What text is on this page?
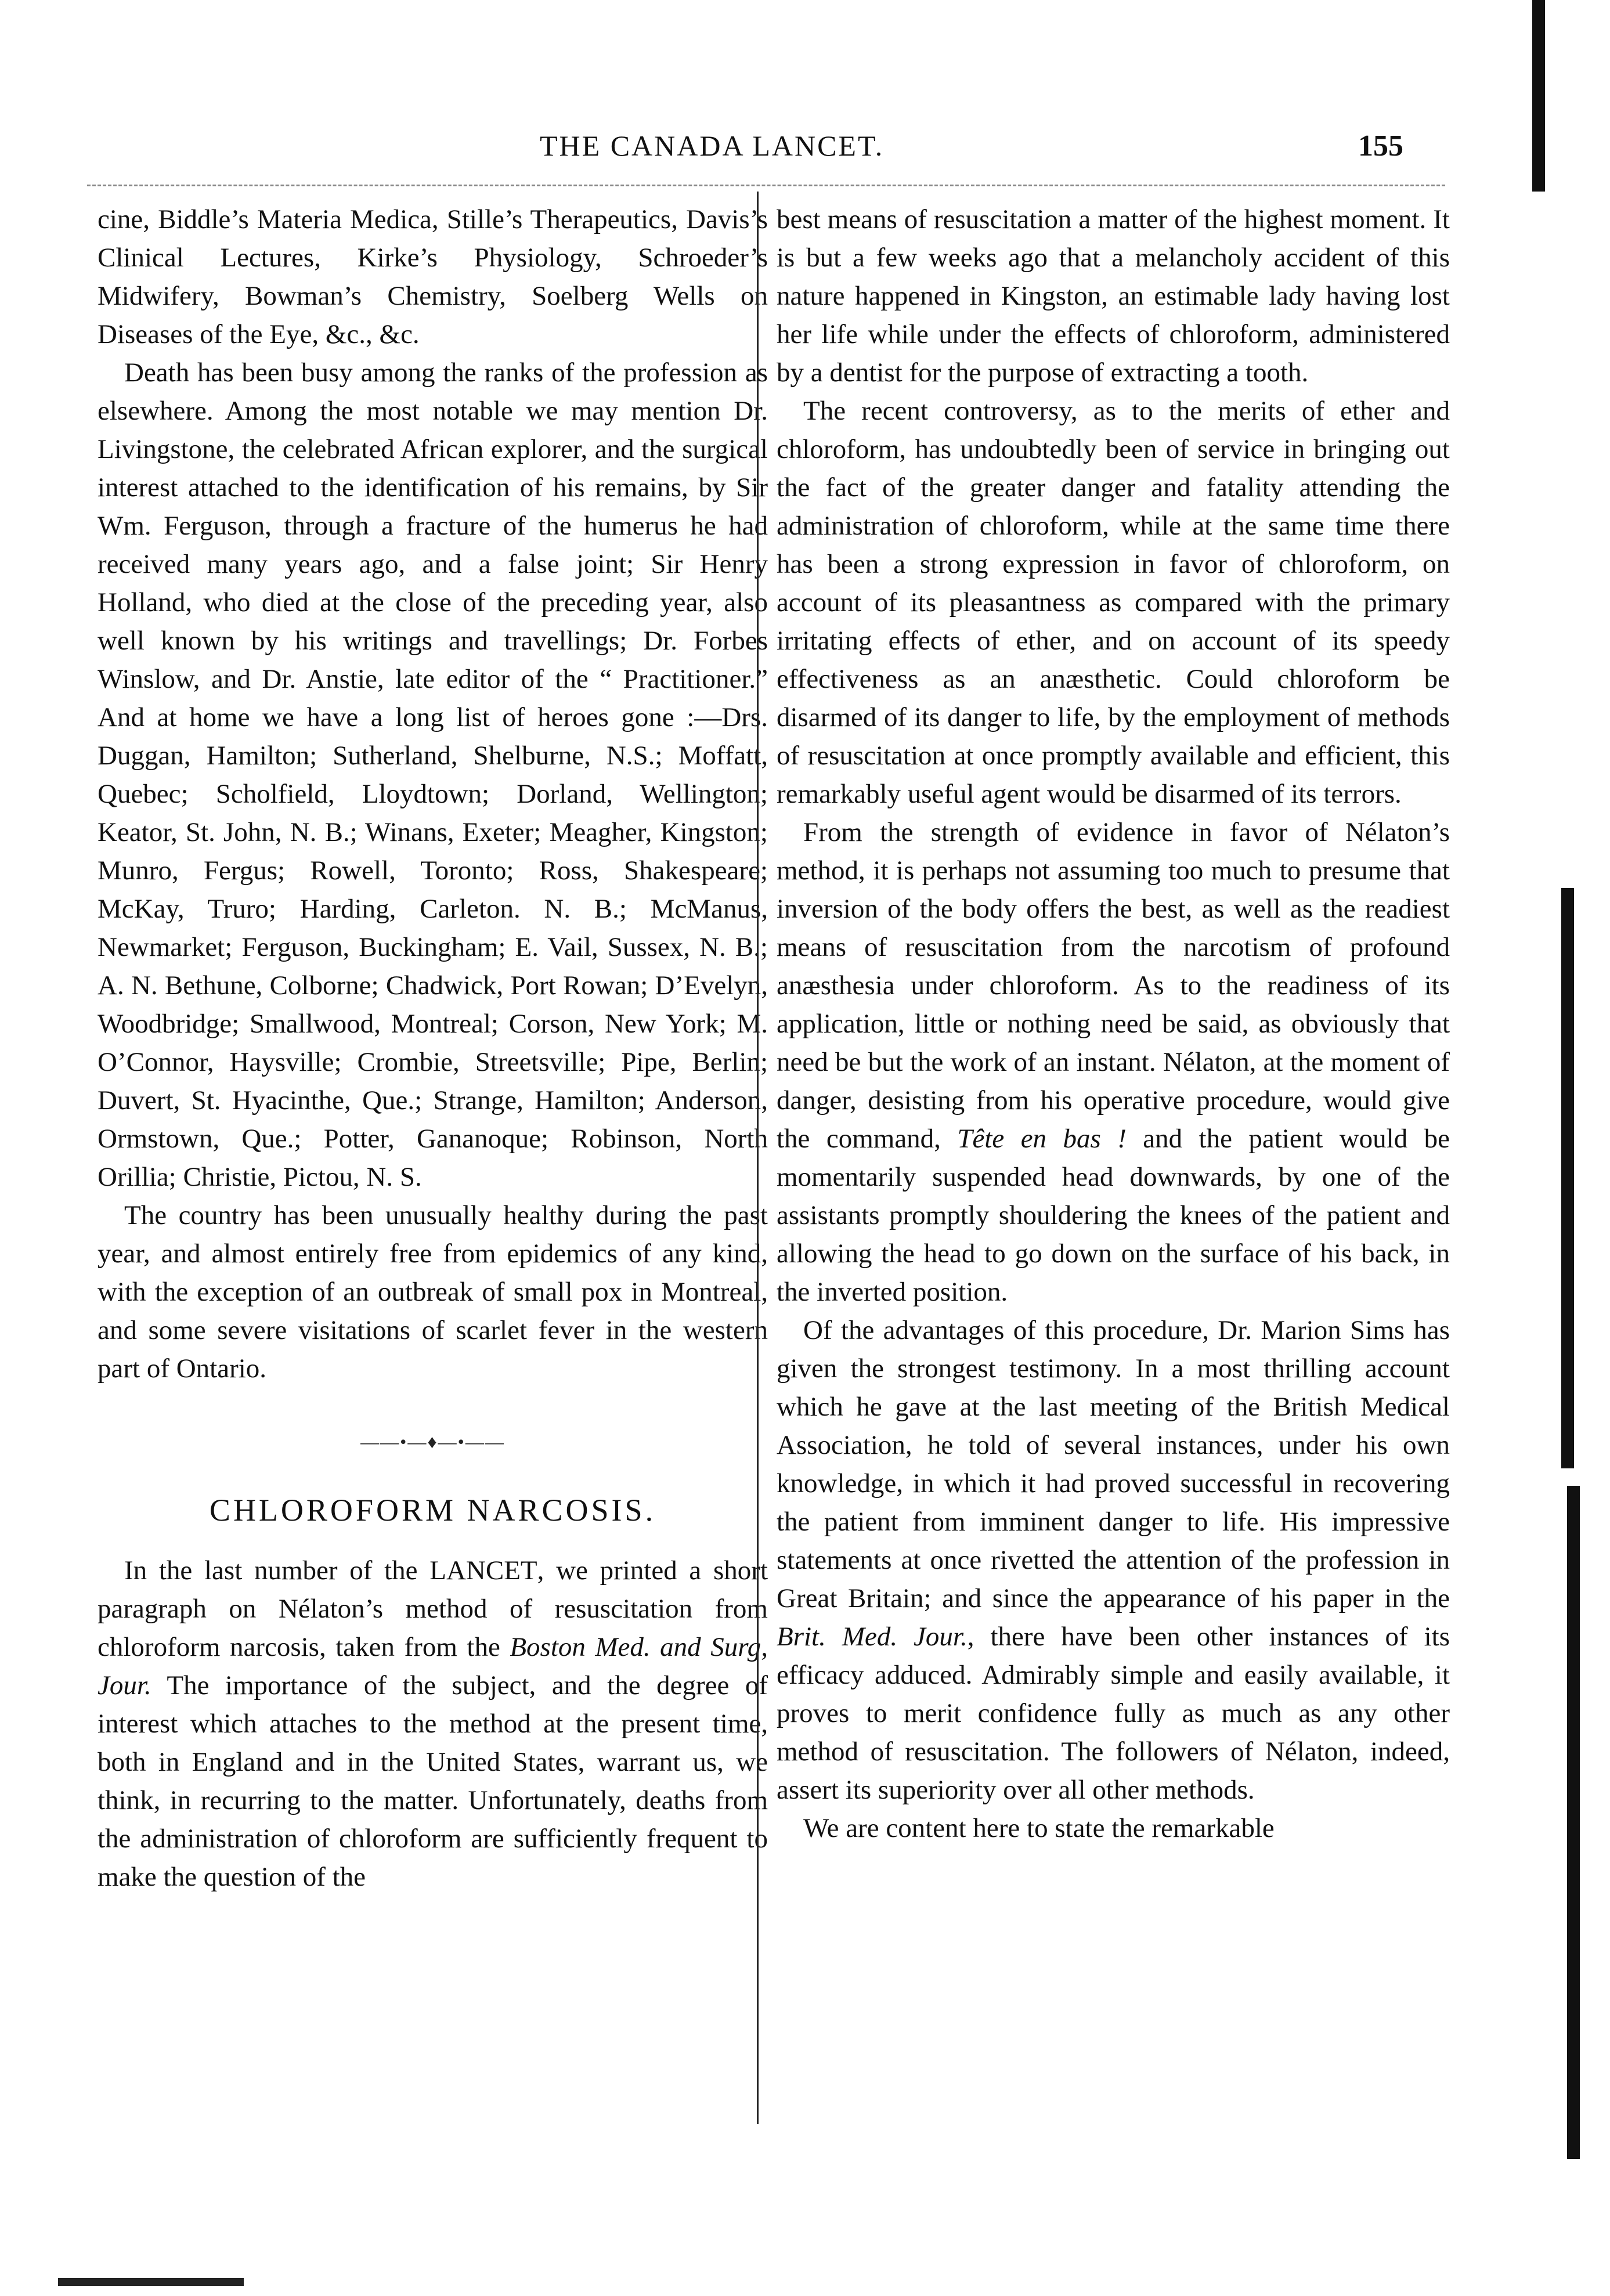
THE CANADA LANCET.	155

cine, Biddle’s Materia Medica, Stille’s Therapeutics, Davis’s Clinical Lectures, Kirke’s Physiology, Schroeder’s Midwifery, Bowman’s Chemistry, Soelberg Wells on Diseases of the Eye, &c., &c.

Death has been busy among the ranks of the profession as elsewhere. Among the most notable we may mention Dr. Livingstone, the celebrated African explorer, and the surgical interest attached to the identification of his remains, by Sir Wm. Ferguson, through a fracture of the humerus he had received many years ago, and a false joint; Sir Henry Holland, who died at the close of the preceding year, also well known by his writings and travellings; Dr. Forbes Winslow, and Dr. Anstie, late editor of the “ Practitioner.” And at home we have a long list of heroes gone :—Drs. Duggan, Hamilton; Sutherland, Shelburne, N.S.; Moffatt, Quebec; Scholfield, Lloydtown; Dorland, Wellington; Keator, St. John, N. B.; Winans, Exeter; Meagher, Kingston; Munro, Fergus; Rowell, Toronto; Ross, Shakespeare; McKay, Truro; Harding, Carleton. N. B.; McManus, Newmarket; Ferguson, Buckingham; E. Vail, Sussex, N. B.; A. N. Bethune, Colborne; Chadwick, Port Rowan; D’Evelyn, Woodbridge; Smallwood, Montreal; Corson, New York; M. O’Connor, Haysville; Crombie, Streetsville; Pipe, Berlin; Duvert, St. Hyacinthe, Que.; Strange, Hamilton; Anderson, Ormstown, Que.; Potter, Gananoque; Robinson, North Orillia; Christie, Pictou, N. S.

The country has been unusually healthy during the past year, and almost entirely free from epidemics of any kind, with the exception of an outbreak of small pox in Montreal, and some severe visitations of scarlet fever in the western part of Ontario.

——•—♦—•——
CHLOROFORM NARCOSIS.

In the last number of the LANCET, we printed a short paragraph on Nélaton’s method of resuscitation from chloroform narcosis, taken from the Boston Med. and Surg, Jour. The importance of the subject, and the degree of interest which attaches to the method at the present time, both in England and in the United States, warrant us, we think, in recurring to the matter. Unfortunately, deaths from the administration of chloroform are sufficiently frequent to make the question of the

best means of resuscitation a matter of the highest moment. It is but a few weeks ago that a melancholy accident of this nature happened in Kingston, an estimable lady having lost her life while under the effects of chloroform, administered by a dentist for the purpose of extracting a tooth.

The recent controversy, as to the merits of ether and chloroform, has undoubtedly been of service in bringing out the fact of the greater danger and fatality attending the administration of chloroform, while at the same time there has been a strong expression in favor of chloroform, on account of its pleasantness as compared with the primary irritating effects of ether, and on account of its speedy effectiveness as an anæsthetic. Could chloroform be disarmed of its danger to life, by the employment of methods of resuscitation at once promptly available and efficient, this remarkably useful agent would be disarmed of its terrors.

From the strength of evidence in favor of Nélaton’s method, it is perhaps not assuming too much to presume that inversion of the body offers the best, as well as the readiest means of resuscitation from the narcotism of profound anæsthesia under chloroform. As to the readiness of its application, little or nothing need be said, as obviously that need be but the work of an instant. Nélaton, at the moment of danger, desisting from his operative procedure, would give the command, Tête en bas ! and the patient would be momentarily suspended head downwards, by one of the assistants promptly shouldering the knees of the patient and allowing the head to go down on the surface of his back, in the inverted position.

Of the advantages of this procedure, Dr. Marion Sims has given the strongest testimony. In a most thrilling account which he gave at the last meeting of the British Medical Association, he told of several instances, under his own knowledge, in which it had proved successful in recovering the patient from imminent danger to life. His impressive statements at once rivetted the attention of the profession in Great Britain; and since the appearance of his paper in the Brit. Med. Jour., there have been other instances of its efficacy adduced. Admirably simple and easily available, it proves to merit confidence fully as much as any other method of resuscitation. The followers of Nélaton, indeed, assert its superiority over all other methods.

We are content here to state the remarkable
